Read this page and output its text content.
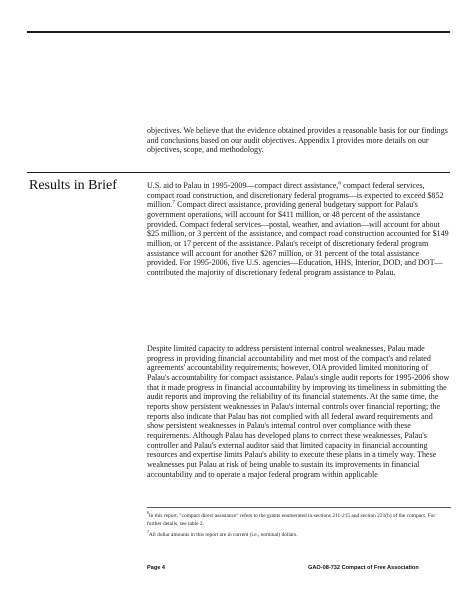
objectives. We believe that the evidence obtained provides a reasonable basis for our findings and conclusions based on our audit objectives. Appendix I provides more details on our objectives, scope, and methodology.

Results in Brief	U.S. aid to Palau in 1995-2009—compact direct assistance,$^6$ compact federal services, compact road construction, and discretionary federal programs—is expected to exceed $852 million.$^7$ Compact direct assistance, providing general budgetary support for Palau's government operations, will account for $411 million, or 48 percent of the assistance provided. Compact federal services—postal, weather, and aviation—will account for about $25 million, or 3 percent of the assistance, and compact road construction accounted for $149 million, or 17 percent of the assistance. Palau's receipt of discretionary federal program assistance will account for another $267 million, or 31 percent of the total assistance provided. For 1995-2006, five U.S. agencies—Education, HHS, Interior, DOD, and DOT—contributed the majority of discretionary federal program assistance to Palau.

Despite limited capacity to address persistent internal control weaknesses, Palau made progress in providing financial accountability and met most of the compact's and related agreements' accountability requirements; however, OIA provided limited monitoring of Palau's accountability for compact assistance. Palau's single audit reports for 1995-2006 show that it made progress in financial accountability by improving its timeliness in submitting the audit reports and improving the reliability of its financial statements. At the same time, the reports show persistent weaknesses in Palau's internal controls over financial reporting; the reports also indicate that Palau has not complied with all federal award requirements and show persistent weaknesses in Palau's internal control over compliance with these requirements. Although Palau has developed plans to correct these weaknesses, Palau's controller and Palau's external auditor said that limited capacity in financial accounting resources and expertise limits Palau's ability to execute these plans in a timely way. These weaknesses put Palau at risk of being unable to sustain its improvements in financial accountability and to operate a major federal program within applicable

$^6$In this report, "compact direct assistance" refers to the grants enumerated in sections 211-215 and section 221(b) of the compact. For further details, see table 2.
$^7$All dollar amounts in this report are in current (i.e., nominal) dollars.
Page 4	GAO-08-732 Compact of Free Association
